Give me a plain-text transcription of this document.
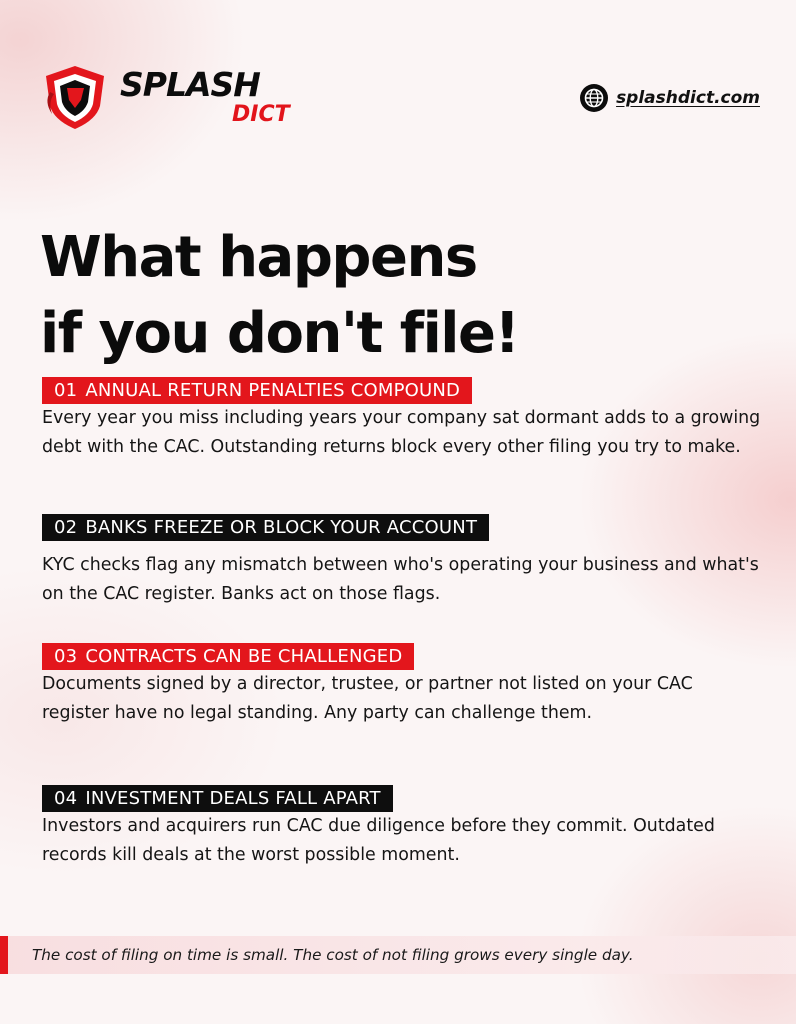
SPLASH
DICT
splashdict.com
What happens
if you don't file!
01 ANNUAL RETURN PENALTIES COMPOUND

Every year you miss including years your company sat dormant adds to a growing debt with the CAC. Outstanding returns block every other filing you try to make.

02 BANKS FREEZE OR BLOCK YOUR ACCOUNT

KYC checks flag any mismatch between who's operating your business and what's on the CAC register. Banks act on those flags.

03 CONTRACTS CAN BE CHALLENGED

Documents signed by a director, trustee, or partner not listed on your CAC register have no legal standing. Any party can challenge them.

04 INVESTMENT DEALS FALL APART

Investors and acquirers run CAC due diligence before they commit. Outdated records kill deals at the worst possible moment.

The cost of filing on time is small. The cost of not filing grows every single day.
